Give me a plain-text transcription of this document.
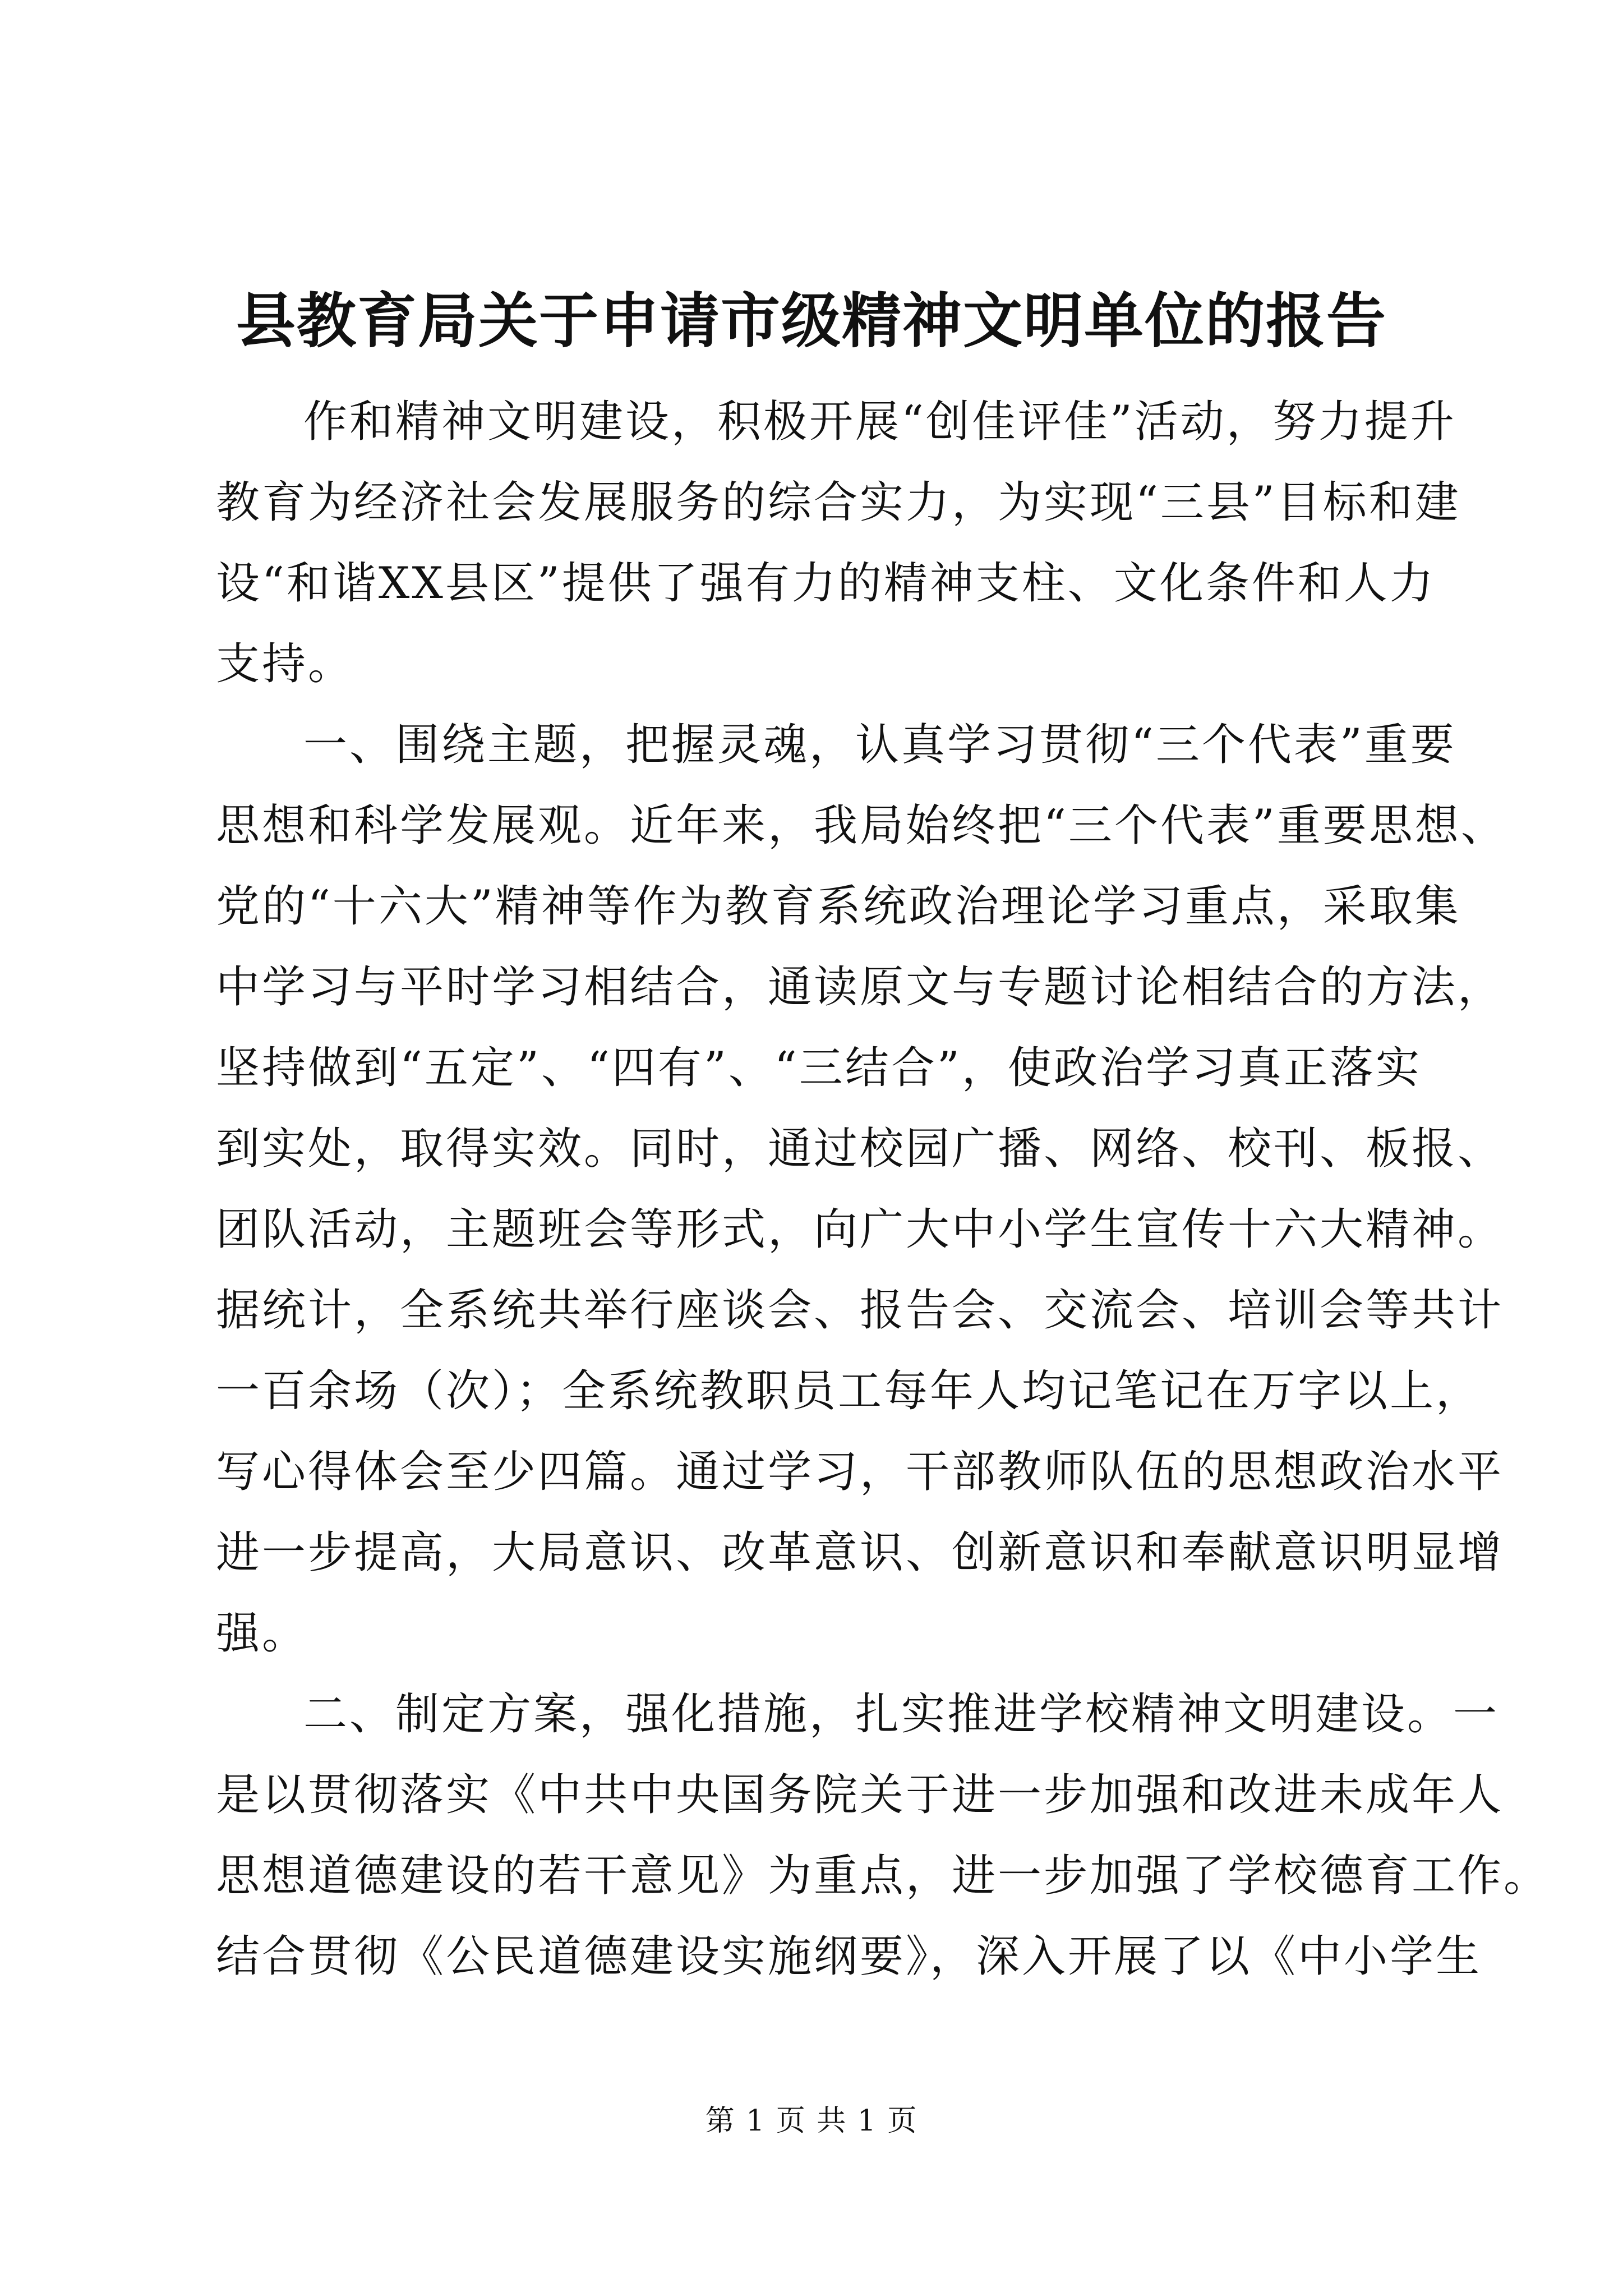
县教育局关于申请市级精神文明单位的报告
作和精神文明建设，积极开展“创佳评佳”活动，努力提升
教育为经济社会发展服务的综合实力，为实现“三县”目标和建
设“和谐XX县区”提供了强有力的精神支柱、文化条件和人力
支持。
一、围绕主题，把握灵魂，认真学习贯彻“三个代表”重要
思想和科学发展观。近年来，我局始终把“三个代表”重要思想、
党的“十六大”精神等作为教育系统政治理论学习重点，采取集
中学习与平时学习相结合，通读原文与专题讨论相结合的方法，
坚持做到“五定”、“四有”、“三结合”，使政治学习真正落实
到实处，取得实效。同时，通过校园广播、网络、校刊、板报、
团队活动，主题班会等形式，向广大中小学生宣传十六大精神。
据统计，全系统共举行座谈会、报告会、交流会、培训会等共计
一百余场（次）；全系统教职员工每年人均记笔记在万字以上，
写心得体会至少四篇。通过学习，干部教师队伍的思想政治水平
进一步提高，大局意识、改革意识、创新意识和奉献意识明显增
强。
二、制定方案，强化措施，扎实推进学校精神文明建设。一
是以贯彻落实《中共中央国务院关于进一步加强和改进未成年人
思想道德建设的若干意见》为重点，进一步加强了学校德育工作。
结合贯彻《公民道德建设实施纲要》，深入开展了以《中小学生
第 1 页 共 1 页
